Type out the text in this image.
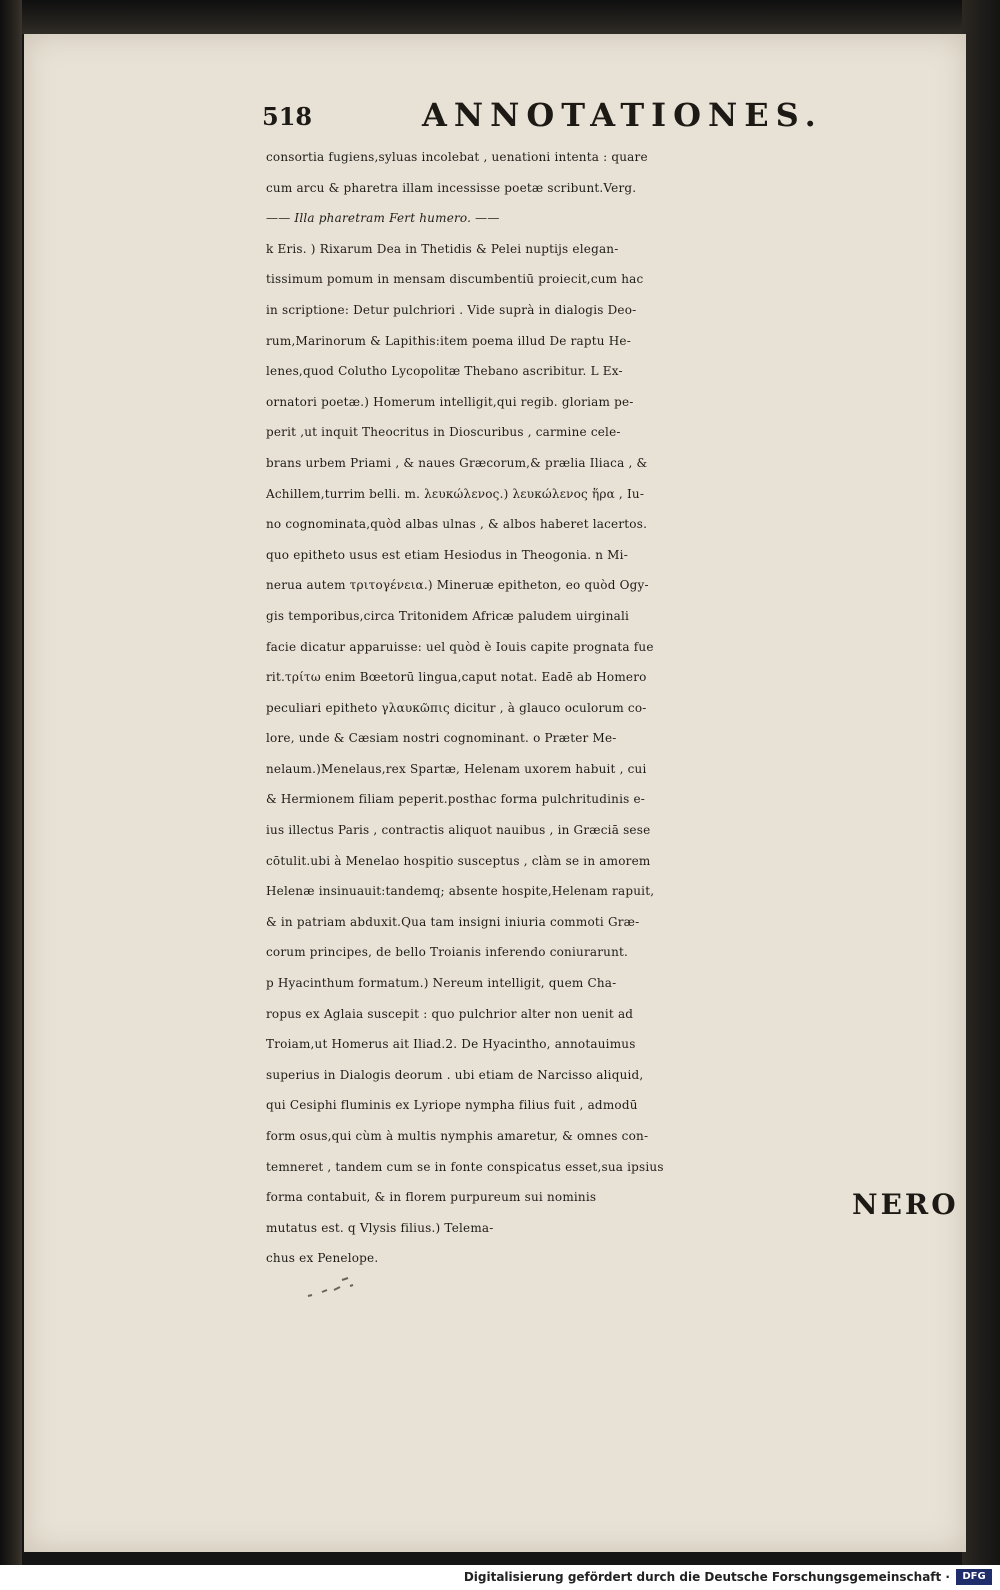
518	ANNOTATIONES.
consortia fugiens,syluas incolebat , uenationi intenta : quare
cum arcu & pharetra illam incessisse poetæ scribunt.Verg.
—— Illa pharetram Fert humero. ——
k Eris. ) Rixarum Dea in Thetidis & Pelei nuptijs elegan-
tissimum pomum in mensam discumbentiū proiecit,cum hac
in scriptione: Detur pulchriori . Vide suprà in dialogis Deo-
rum,Marinorum & Lapithis:item poema illud De raptu He-
lenes,quod Colutho Lycopolitæ Thebano ascribitur. L Ex-
ornatori poetæ.) Homerum intelligit,qui regib. gloriam pe-
perit ,ut inquit Theocritus in Dioscuribus , carmine cele-
brans urbem Priami , & naues Græcorum,& prælia Iliaca , &
Achillem,turrim belli. m. λευκώλενος.) λευκώλενος ἥρα , Iu-
no cognominata,quòd albas ulnas , & albos haberet lacertos.
quo epitheto usus est etiam Hesiodus in Theogonia. n Mi-
nerua autem τριτογένεια.) Mineruæ epitheton, eo quòd Ogy-
gis temporibus,circa Tritonidem Africæ paludem uirginali
facie dicatur apparuisse: uel quòd è Iouis capite prognata fue
rit.τρίτω enim Bœetorū lingua,caput notat. Eadē ab Homero
peculiari epitheto γλαυκῶπις dicitur , à glauco oculorum co-
lore, unde & Cæsiam nostri cognominant. o Præter Me-
nelaum.)Menelaus,rex Spartæ, Helenam uxorem habuit , cui
& Hermionem filiam peperit.posthac forma pulchritudinis e-
ius illectus Paris , contractis aliquot nauibus , in Græciā sese
cōtulit.ubi à Menelao hospitio susceptus , clàm se in amorem
Helenæ insinuauit:tandemq; absente hospite,Helenam rapuit,
& in patriam abduxit.Qua tam insigni iniuria commoti Græ-
corum principes, de bello Troianis inferendo coniurarunt.
p Hyacinthum formatum.) Nereum intelligit, quem Cha-
ropus ex Aglaia suscepit : quo pulchrior alter non uenit ad
Troiam,ut Homerus ait Iliad.2. De Hyacintho, annotauimus
superius in Dialogis deorum . ubi etiam de Narcisso aliquid,
qui Cesiphi fluminis ex Lyriope nympha filius fuit , admodū
form osus,qui cùm à multis nymphis amaretur, & omnes con-
temneret , tandem cum se in fonte conspicatus esset,sua ipsius
forma contabuit, & in florem purpureum sui nominis
mutatus est. q Vlysis filius.) Telema-
chus ex Penelope.
NERO
Digitalisierung gefördert durch die Deutsche Forschungsgemeinschaft ·	DFG
